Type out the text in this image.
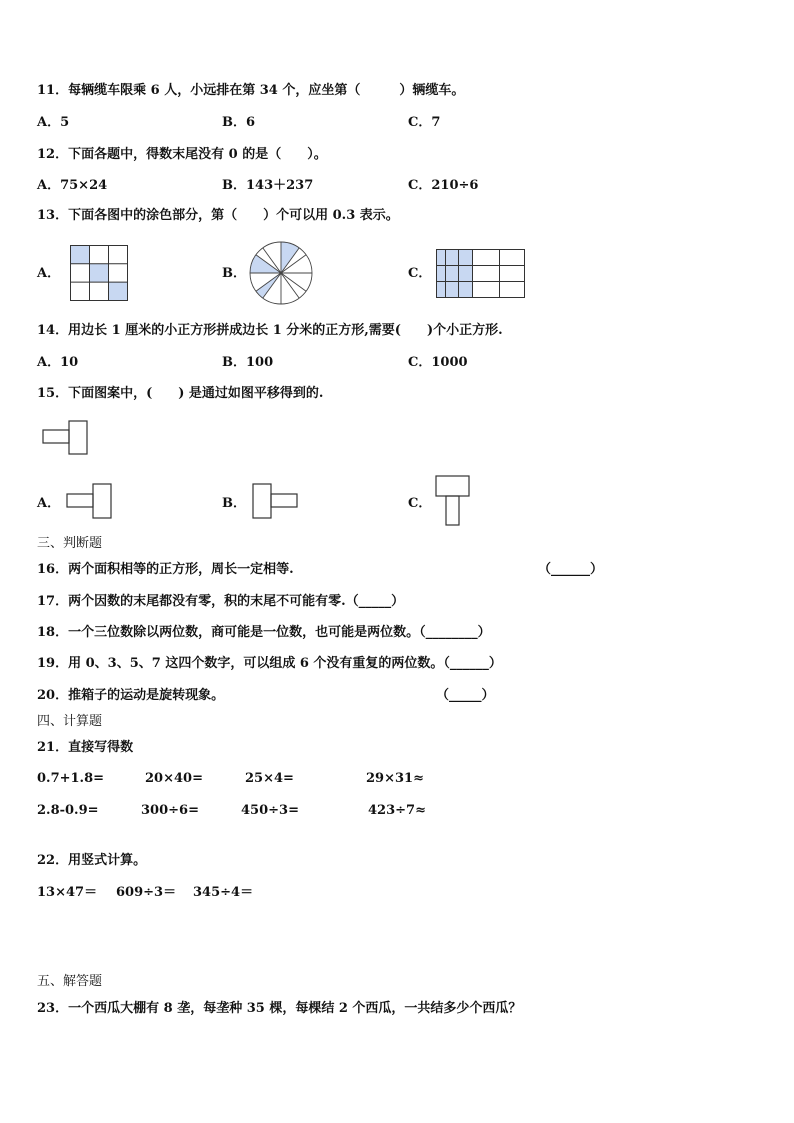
11．每辆缆车限乘 6 人，小远排在第 34 个，应坐第（　　　）辆缆车。
A．5	B．6	C．7
12．下面各题中，得数末尾没有 0 的是（　　）。
A．75×24	B．143＋237	C．210÷6
13．下面各图中的涂色部分，第（　　）个可以用 0.3 表示。
A．	B．	C．
14．用边长 1 厘米的小正方形拼成边长 1 分米的正方形,需要(　　)个小正方形.
A．10	B．100	C．1000
15．下面图案中，(　　) 是通过如图平移得到的.
A．	B．	C．
三、判断题
16．两个面积相等的正方形，周长一定相等.	（______）
17．两个因数的末尾都没有零，积的末尾不可能有零.（_____）
18．一个三位数除以两位数，商可能是一位数，也可能是两位数。（________）
19．用 0、3、5、7 这四个数字，可以组成 6 个没有重复的两位数。（______）
20．推箱子的运动是旋转现象。	（_____）
四、计算题
21．直接写得数
0.7+1.8=	20×40=	25×4=	29×31≈
2.8-0.9=	300÷6=	450÷3=	423÷7≈
22．用竖式计算。
13×47＝ 609÷3＝ 345÷4＝
五、解答题
23．一个西瓜大棚有 8 垄，每垄种 35 棵，每棵结 2 个西瓜，一共结多少个西瓜？
